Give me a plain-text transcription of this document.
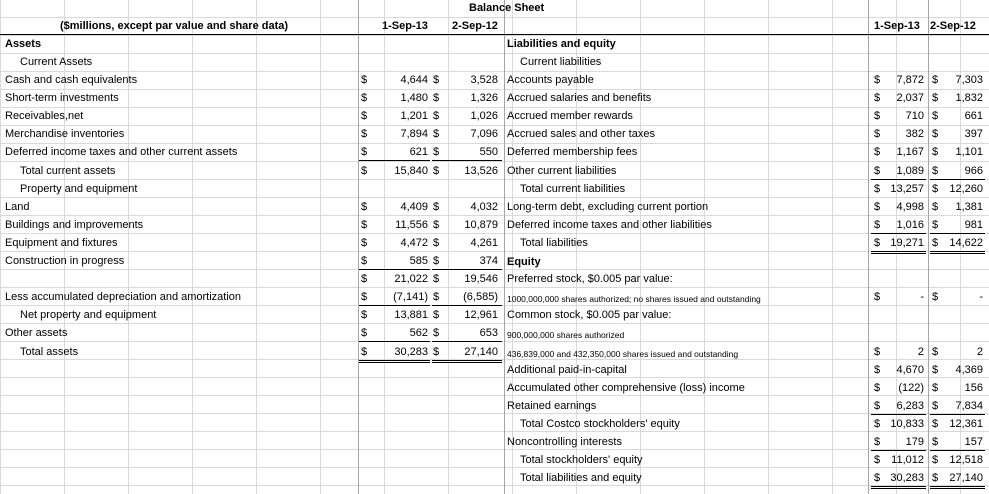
Balance Sheet
($millions, except par value and share data)	1-Sep-13 2-Sep-12	1-Sep-13 2-Sep-12
Assets
Current Assets
Liabilities and equity
Current liabilities
Equity
Cash and cash equivalents	$	4,644 $	3,528
Short-term investments	$	1,480 $	1,326
Receivables,net	$	1,201 $	1,026
Merchandise inventories	$	7,894 $	7,096
Deferred income taxes and other current assets	$	621 $	550
Total current assets	$	15,840 $	13,526
Property and equipment
Land	$	4,409 $	4,032
Buildings and improvements	$	11,556 $	10,879
Equipment and fixtures	$	4,472 $	4,261
Construction in progress	$	585 $	374
$	21,022 $	19,546
Less accumulated depreciation and amortization	$	(7,141) $	(6,585)
Net property and equipment	$	13,881 $	12,961
Other assets	$	562 $	653
Total assets	$	30,283 $	27,140
Accounts payable	$	7,872 $	7,303
Accrued salaries and benefits	$	2,037 $	1,832
Accrued member rewards	$	710 $	661
Accrued sales and other taxes	$	382 $	397
Deferred membership fees	$	1,167 $	1,101
Other current liabilities	$	1,089 $	966
Total current liabilities	$ 13,257 $	12,260
Long-term debt, excluding current portion	$	4,998 $	1,381
Deferred income taxes and other liabilities	$	1,016 $	981
Total liabilities	$ 19,271 $	14,622
Preferred stock, $0.005 par value:
1000,000,000 shares authorized; no shares issued and outstanding	$	- $	-
Common stock, $0.005 par value:
900,000,000 shares authorized
436,839,000 and 432,350,000 shares issued and outstanding	$	2 $	2
Additional paid-in-capital	$	4,670 $	4,369
Accumulated other comprehensive (loss) income	$	(122) $	156
Retained earnings	$	6,283 $	7,834
Total Costco stockholders' equity	$ 10,833 $	12,361
Noncontrolling interests	$	179 $	157
Total stockholders' equity	$	11,012 $	12,518
Total liabilities and equity	$ 30,283 $	27,140
